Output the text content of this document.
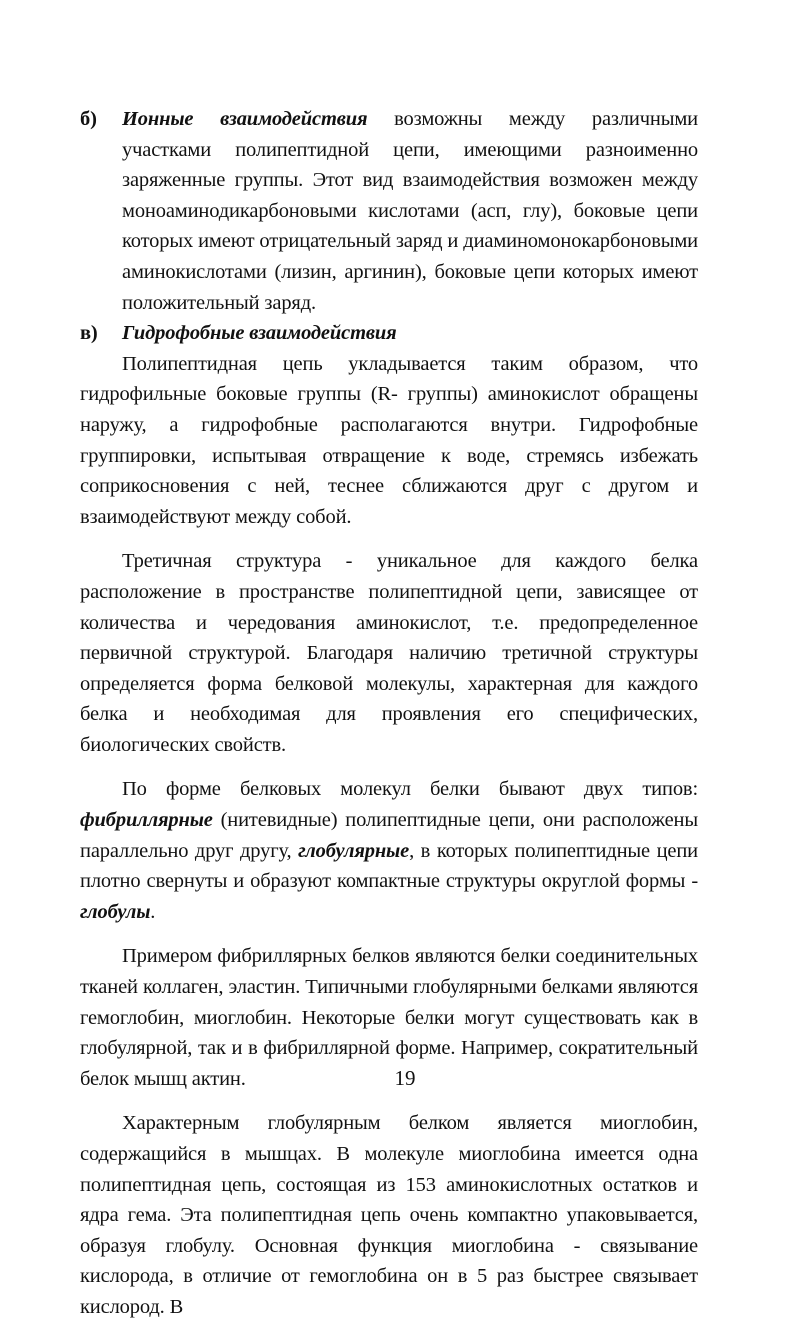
б) Ионные взаимодействия возможны между различными участками полипептидной цепи, имеющими разноименно заряженные группы. Этот вид взаимодействия возможен между моноаминодикарбоновыми кислотами (асп, глу), боковые цепи которых имеют отрицательный заряд и диаминомонокарбоновыми аминокислотами (лизин, аргинин), боковые цепи которых имеют положительный заряд.

в) Гидрофобные взаимодействия

Полипептидная цепь укладывается таким образом, что гидрофильные боковые группы (R- группы) аминокислот обращены наружу, а гидрофобные располагаются внутри. Гидрофобные группировки, испытывая отвращение к воде, стремясь избежать соприкосновения с ней, теснее сближаются друг с другом и взаимодействуют между собой.

Третичная структура - уникальное для каждого белка расположение в пространстве полипептидной цепи, зависящее от количества и чередования аминокислот, т.е. предопределенное первичной структурой. Благодаря наличию третичной структуры определяется форма белковой молекулы, характерная для каждого белка и необходимая для проявления его специфических, биологических свойств.

По форме белковых молекул белки бывают двух типов: фибриллярные (нитевидные) полипептидные цепи, они расположены параллельно друг другу, глобулярные, в которых полипептидные цепи плотно свернуты и образуют компактные структуры округлой формы - глобулы.

Примером фибриллярных белков являются белки соединительных тканей коллаген, эластин. Типичными глобулярными белками являются гемоглобин, миоглобин. Некоторые белки могут существовать как в глобулярной, так и в фибриллярной форме. Например, сократительный белок мышц актин.

Характерным глобулярным белком является миоглобин, содержащийся в мышцах. В молекуле миоглобина имеется одна полипептидная цепь, состоящая из 153 аминокислотных остатков и ядра гема. Эта полипептидная цепь очень компактно упаковывается, образуя глобулу. Основная функция миоглобина - связывание кислорода, в отличие от гемоглобина он в 5 раз быстрее связывает кислород. В

19
